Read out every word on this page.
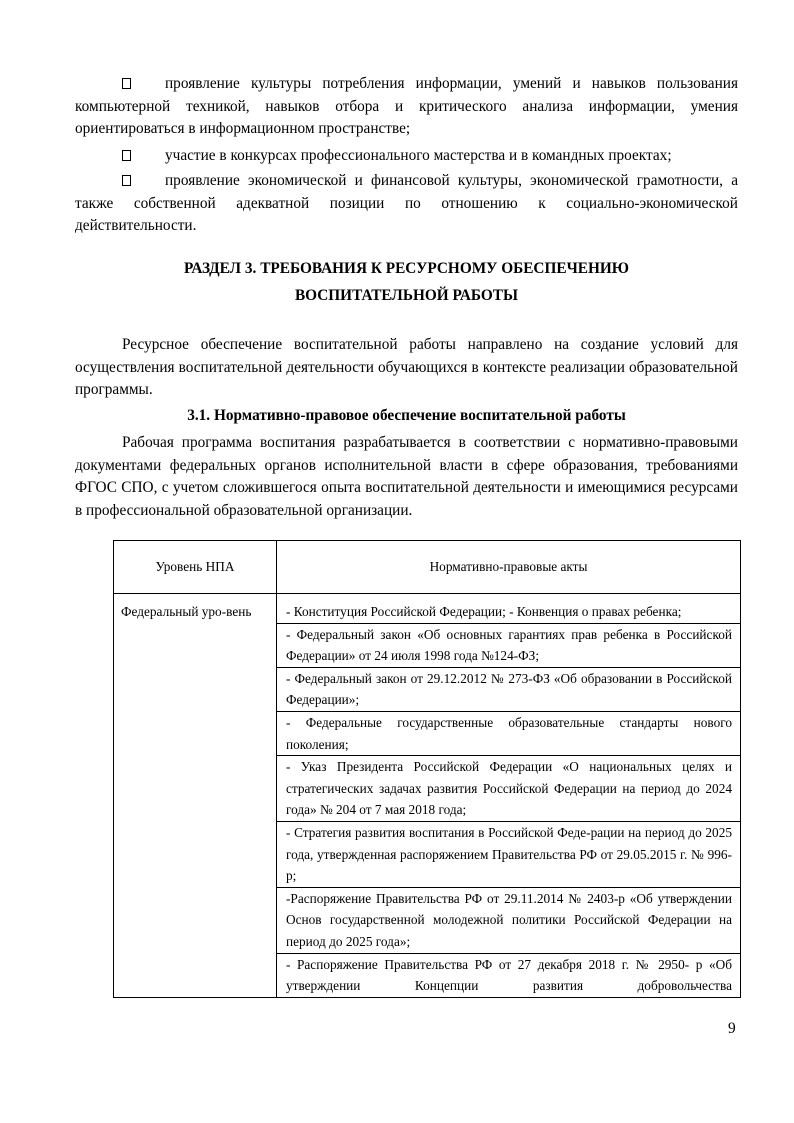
проявление культуры потребления информации, умений и навыков пользования компьютерной техникой, навыков отбора и критического анализа информации, умения ориентироваться в информационном пространстве;

участие в конкурсах профессионального мастерства и в командных проектах;

проявление экономической и финансовой культуры, экономической грамотности, а также собственной адекватной позиции по отношению к социально-экономической действительности.

РАЗДЕЛ 3. ТРЕБОВАНИЯ К РЕСУРСНОМУ ОБЕСПЕЧЕНИЮ

ВОСПИТАТЕЛЬНОЙ РАБОТЫ

Ресурсное обеспечение воспитательной работы направлено на создание условий для осуществления воспитательной деятельности обучающихся в контексте реализации образовательной программы.

3.1. Нормативно-правовое обеспечение воспитательной работы

Рабочая программа воспитания разрабатывается в соответствии с нормативно-правовыми документами федеральных органов исполнительной власти в сфере образования, требованиями ФГОС СПО, с учетом сложившегося опыта воспитательной деятельности и имеющимися ресурсами в профессиональной образовательной организации.

Уровень НПА	Нормативно-правовые акты

Федеральный уро-вень	- Конституция Российской Федерации; - Конвенция о правах ребенка;
- Федеральный закон «Об основных гарантиях прав ребенка в Российской Федерации» от 24 июля 1998 года №124-ФЗ;
- Федеральный закон от 29.12.2012 № 273-ФЗ «Об образовании в Российской Федерации»;
- Федеральные государственные образовательные стандарты нового поколения;
- Указ Президента Российской Федерации «О национальных целях и стратегических задачах развития Российской Федерации на период до 2024 года» № 204 от 7 мая 2018 года;
- Стратегия развития воспитания в Российской Феде-рации на период до 2025 года, утвержденная распоряжением Правительства РФ от 29.05.2015 г. № 996-р;
-Распоряжение Правительства РФ от 29.11.2014 № 2403-р «Об утверждении Основ государственной молодежной политики Российской Федерации на период до 2025 года»;
- Распоряжение Правительства РФ от 27 декабря 2018 г. № 2950- р «Об утверждении Концепции развития добровольчества
9
